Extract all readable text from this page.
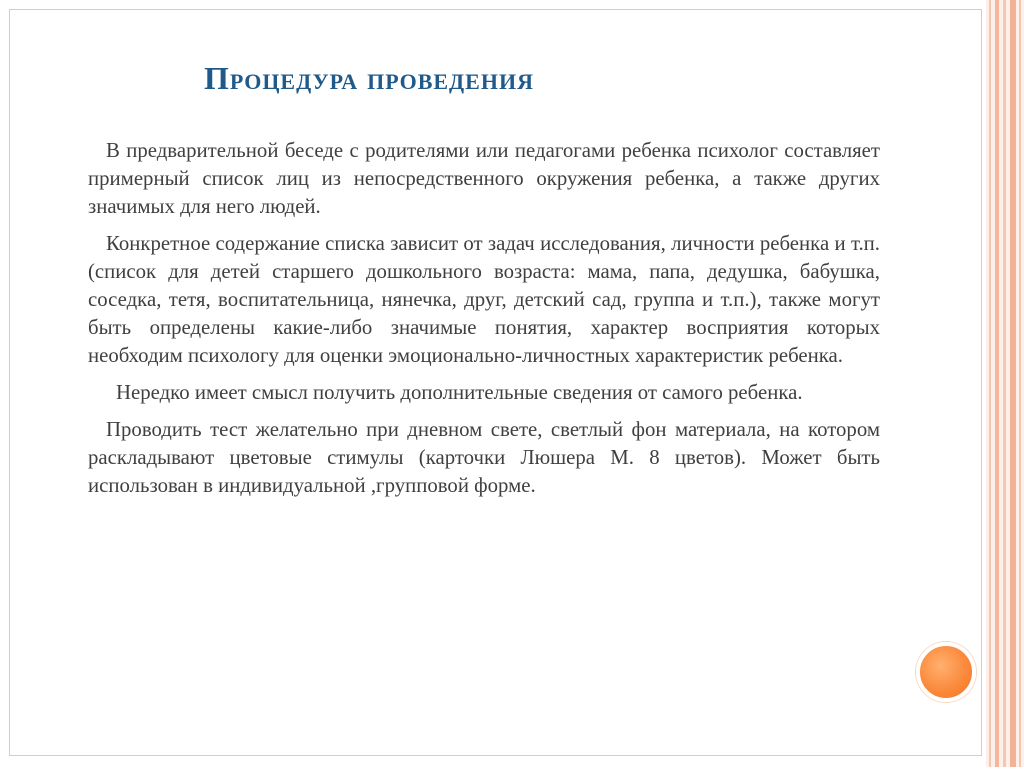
Процедура проведения

В предварительной беседе с родителями или педагогами ребенка психолог составляет примерный список лиц из непосредственного окружения ребенка, а также других значимых для него людей.

Конкретное содержание списка зависит от задач исследования, личности ребенка и т.п. (список для детей старшего дошкольного возраста: мама, папа, дедушка, бабушка, соседка, тетя, воспитательница, нянечка, друг, детский сад, группа и т.п.), также могут быть определены какие-либо значимые понятия, характер восприятия которых необходим психологу для оценки эмоционально-личностных характеристик ребенка.

Нередко имеет смысл получить дополнительные сведения от самого ребенка.

Проводить тест желательно при дневном свете, светлый фон материала, на котором раскладывают цветовые стимулы (карточки Люшера М. 8 цветов). Может быть использован в индивидуальной ,групповой форме.
